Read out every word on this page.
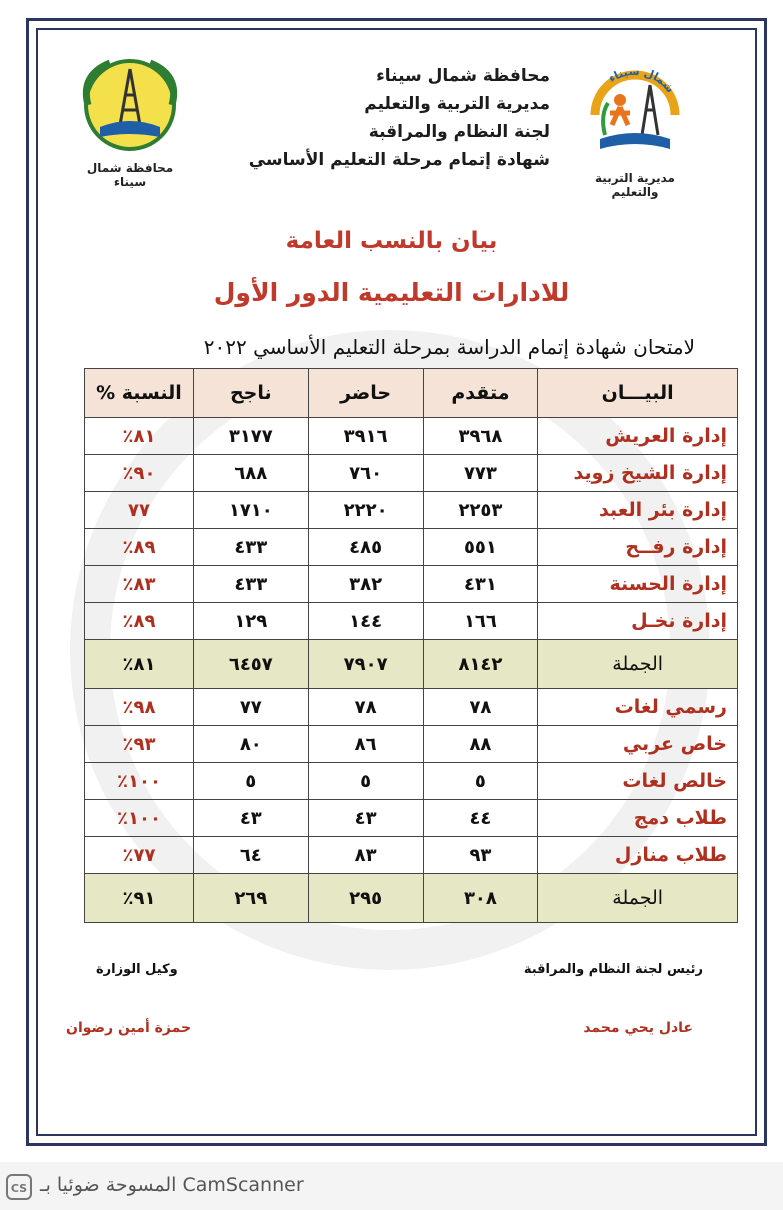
محافظة شمال سيناء
شمال سيناء
مديرية التربية والتعليم
محافظة شمال سيناء
مديرية التربية والتعليم
لجنة النظام والمراقبة
شهادة إتمام مرحلة التعليم الأساسي
بيان بالنسب العامة
للادارات التعليمية الدور الأول
لامتحان شهادة إتمام الدراسة بمرحلة التعليم الأساسي ٢٠٢٢
البيـــان	متقدم	حاضر	ناجح	النسبة %
إدارة العريش	٣٩٦٨	٣٩١٦	٣١٧٧	٨١٪
إدارة الشيخ زويد	٧٧٣	٧٦٠	٦٨٨	٩٠٪
إدارة بئر العبد	٢٢٥٣	٢٢٢٠	١٧١٠	٧٧
إدارة رفــح	٥٥١	٤٨٥	٤٣٣	٨٩٪
إدارة الحسنة	٤٣١	٣٨٢	٤٣٣	٨٣٪
إدارة نخـل	١٦٦	١٤٤	١٢٩	٨٩٪
الجملة	٨١٤٢	٧٩٠٧	٦٤٥٧	٨١٪
رسمي لغات	٧٨	٧٨	٧٧	٩٨٪
خاص عربي	٨٨	٨٦	٨٠	٩٣٪
خالص لغات	٥	٥	٥	١٠٠٪
طلاب دمج	٤٤	٤٣	٤٣	١٠٠٪
طلاب منازل	٩٣	٨٣	٦٤	٧٧٪
الجملة	٣٠٨	٢٩٥	٢٦٩	٩١٪
رئيس لجنة النظام والمراقبة
وكيل الوزارة
عادل يحي محمد
حمزة أمين رضوان
CS المسوحة ضوئيا بـ CamScanner
